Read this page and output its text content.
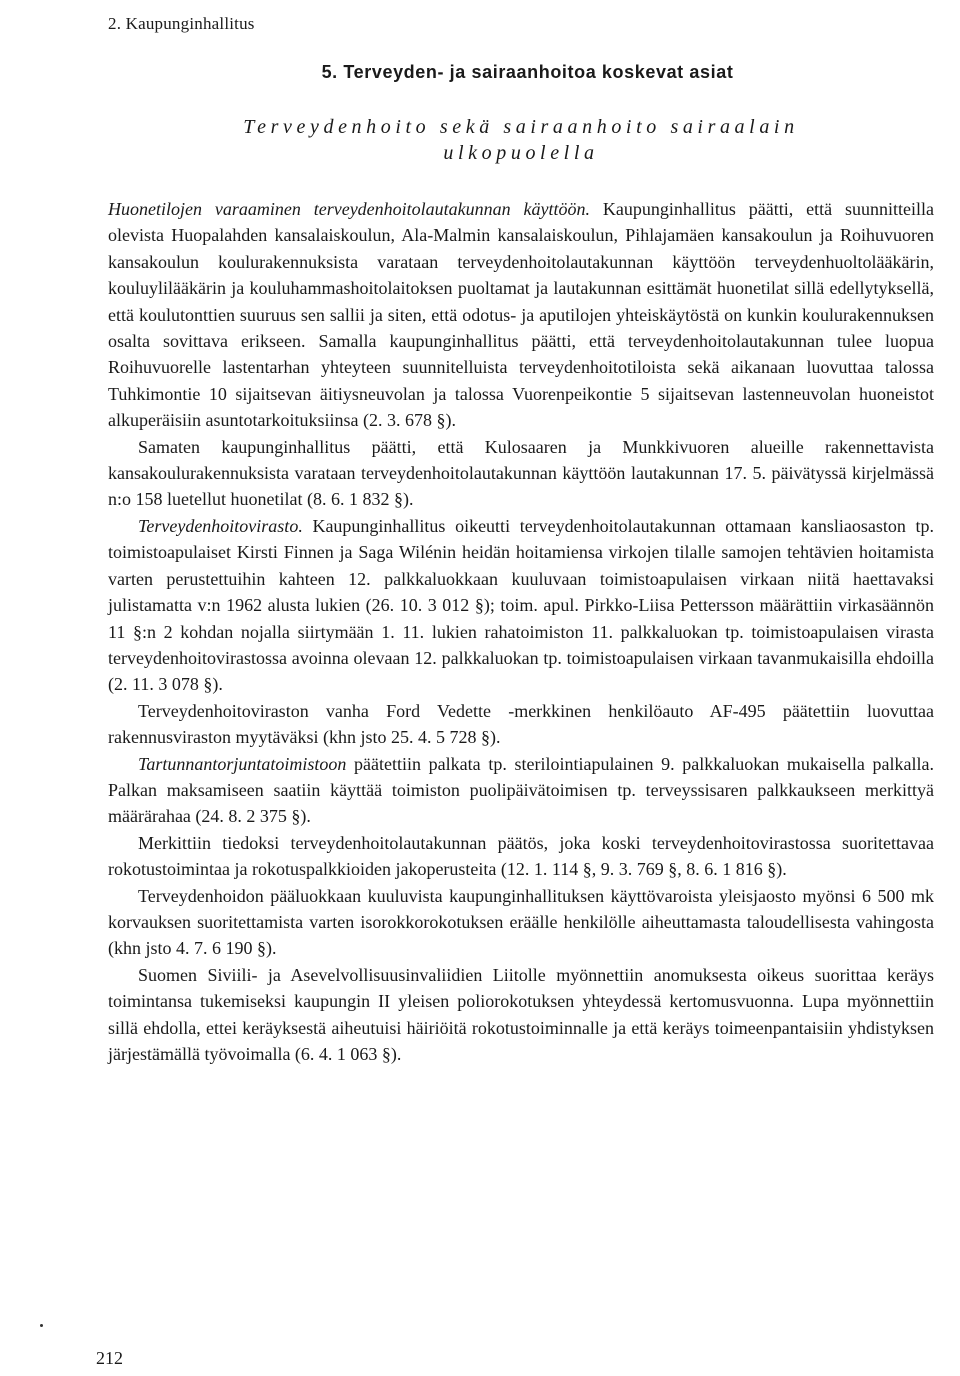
2. Kaupunginhallitus
5. Terveyden- ja sairaanhoitoa koskevat asiat
Terveydenhoito sekä sairaanhoito sairaalain
ulkopuolella

Huonetilojen varaaminen terveydenhoitolautakunnan käyttöön. Kaupunginhallitus päätti, että suunnitteilla olevista Huopalahden kansalaiskoulun, Ala-Malmin kansalaiskoulun, Pihlajamäen kansakoulun ja Roihuvuoren kansakoulun koulurakennuksista varataan terveydenhoitolautakunnan käyttöön terveydenhuoltolääkärin, kouluylilääkärin ja kouluhammashoitolaitoksen puoltamat ja lautakunnan esittämät huonetilat sillä edellytyksellä, että koulutonttien suuruus sen sallii ja siten, että odotus- ja aputilojen yhteiskäytöstä on kunkin koulurakennuksen osalta sovittava erikseen. Samalla kaupunginhallitus päätti, että terveydenhoitolautakunnan tulee luopua Roihuvuorelle lastentarhan yhteyteen suunnitelluista terveydenhoitotiloista sekä aikanaan luovuttaa talossa Tuhkimontie 10 sijaitsevan äitiysneuvolan ja talossa Vuorenpeikontie 5 sijaitsevan lastenneuvolan huoneistot alkuperäisiin asuntotarkoituksiinsa (2. 3. 678 §).

Samaten kaupunginhallitus päätti, että Kulosaaren ja Munkkivuoren alueille rakennettavista kansakoulurakennuksista varataan terveydenhoitolautakunnan käyttöön lautakunnan 17. 5. päivätyssä kirjelmässä n:o 158 luetellut huonetilat (8. 6. 1 832 §).

Terveydenhoitovirasto. Kaupunginhallitus oikeutti terveydenhoitolautakunnan ottamaan kansliaosaston tp. toimistoapulaiset Kirsti Finnen ja Saga Wilénin heidän hoitamiensa virkojen tilalle samojen tehtävien hoitamista varten perustettuihin kahteen 12. palkkaluokkaan kuuluvaan toimistoapulaisen virkaan niitä haettavaksi julistamatta v:n 1962 alusta lukien (26. 10. 3 012 §); toim. apul. Pirkko-Liisa Pettersson määrättiin virkasäännön 11 §:n 2 kohdan nojalla siirtymään 1. 11. lukien rahatoimiston 11. palkkaluokan tp. toimistoapulaisen virasta terveydenhoitovirastossa avoinna olevaan 12. palkkaluokan tp. toimistoapulaisen virkaan tavanmukaisilla ehdoilla (2. 11. 3 078 §).

Terveydenhoitoviraston vanha Ford Vedette -merkkinen henkilöauto AF-495 päätettiin luovuttaa rakennusviraston myytäväksi (khn jsto 25. 4. 5 728 §).

Tartunnantorjuntatoimistoon päätettiin palkata tp. sterilointiapulainen 9. palkkaluokan mukaisella palkalla. Palkan maksamiseen saatiin käyttää toimiston puolipäivätoimisen tp. terveyssisaren palkkaukseen merkittyä määrärahaa (24. 8. 2 375 §).

Merkittiin tiedoksi terveydenhoitolautakunnan päätös, joka koski terveydenhoitovirastossa suoritettavaa rokotustoimintaa ja rokotuspalkkioiden jakoperusteita (12. 1. 114 §, 9. 3. 769 §, 8. 6. 1 816 §).

Terveydenhoidon pääluokkaan kuuluvista kaupunginhallituksen käyttövaroista yleisjaosto myönsi 6 500 mk korvauksen suoritettamista varten isorokkorokotuksen eräälle henkilölle aiheuttamasta taloudellisesta vahingosta (khn jsto 4. 7. 6 190 §).

Suomen Siviili- ja Asevelvollisuusinvaliidien Liitolle myönnettiin anomuksesta oikeus suorittaa keräys toimintansa tukemiseksi kaupungin II yleisen poliorokotuksen yhteydessä kertomusvuonna. Lupa myönnettiin sillä ehdolla, ettei keräyksestä aiheutuisi häiriöitä rokotustoiminnalle ja että keräys toimeenpantaisiin yhdistyksen järjestämällä työvoimalla (6. 4. 1 063 §).

212
